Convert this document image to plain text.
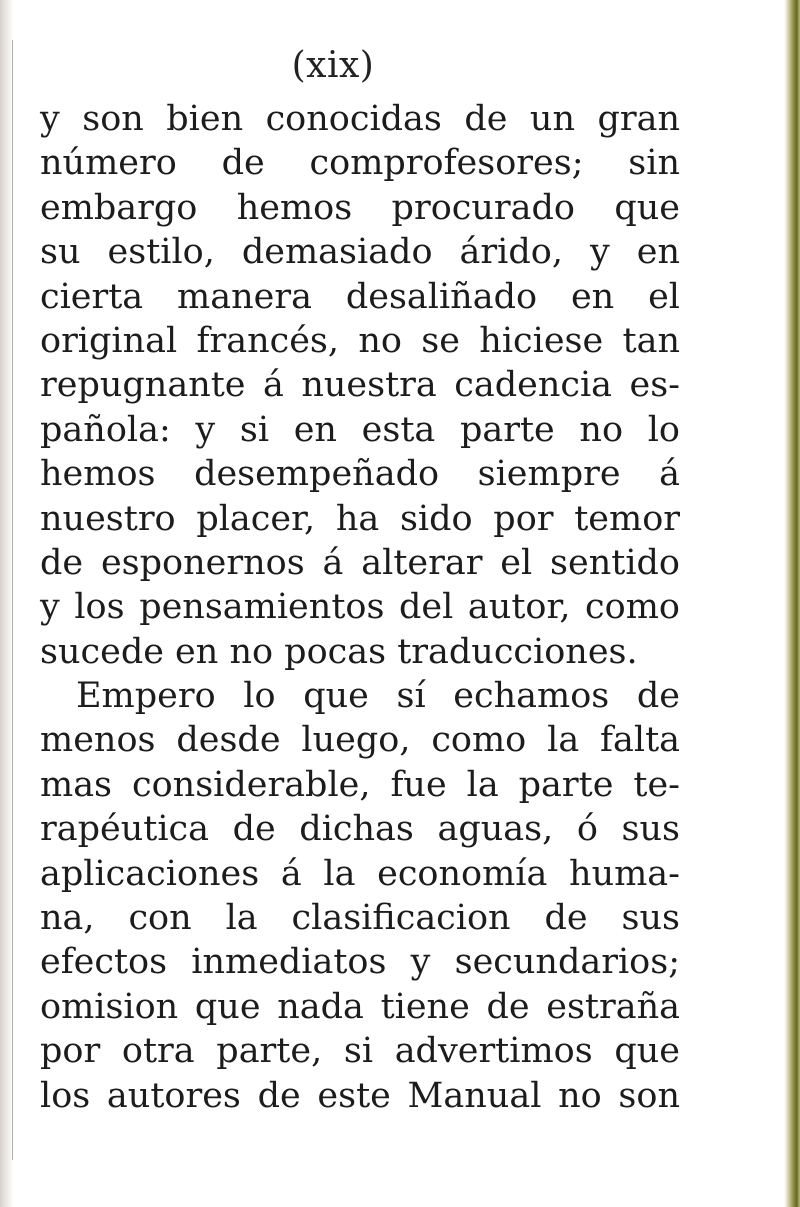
(xix)
y son bien conocidas de un gran
número de comprofesores; sin
embargo hemos procurado que
su estilo, demasiado árido, y en
cierta manera desaliñado en el
original francés, no se hiciese tan
repugnante á nuestra cadencia es-
pañola: y si en esta parte no lo
hemos desempeñado siempre á
nuestro placer, ha sido por temor
de esponernos á alterar el sentido
y los pensamientos del autor, como
sucede en no pocas traducciones.
Empero lo que sí echamos de
menos desde luego, como la falta
mas considerable, fue la parte te-
rapéutica de dichas aguas, ó sus
aplicaciones á la economía huma-
na, con la clasificacion de sus
efectos inmediatos y secundarios;
omision que nada tiene de estraña
por otra parte, si advertimos que
los autores de este Manual no son
